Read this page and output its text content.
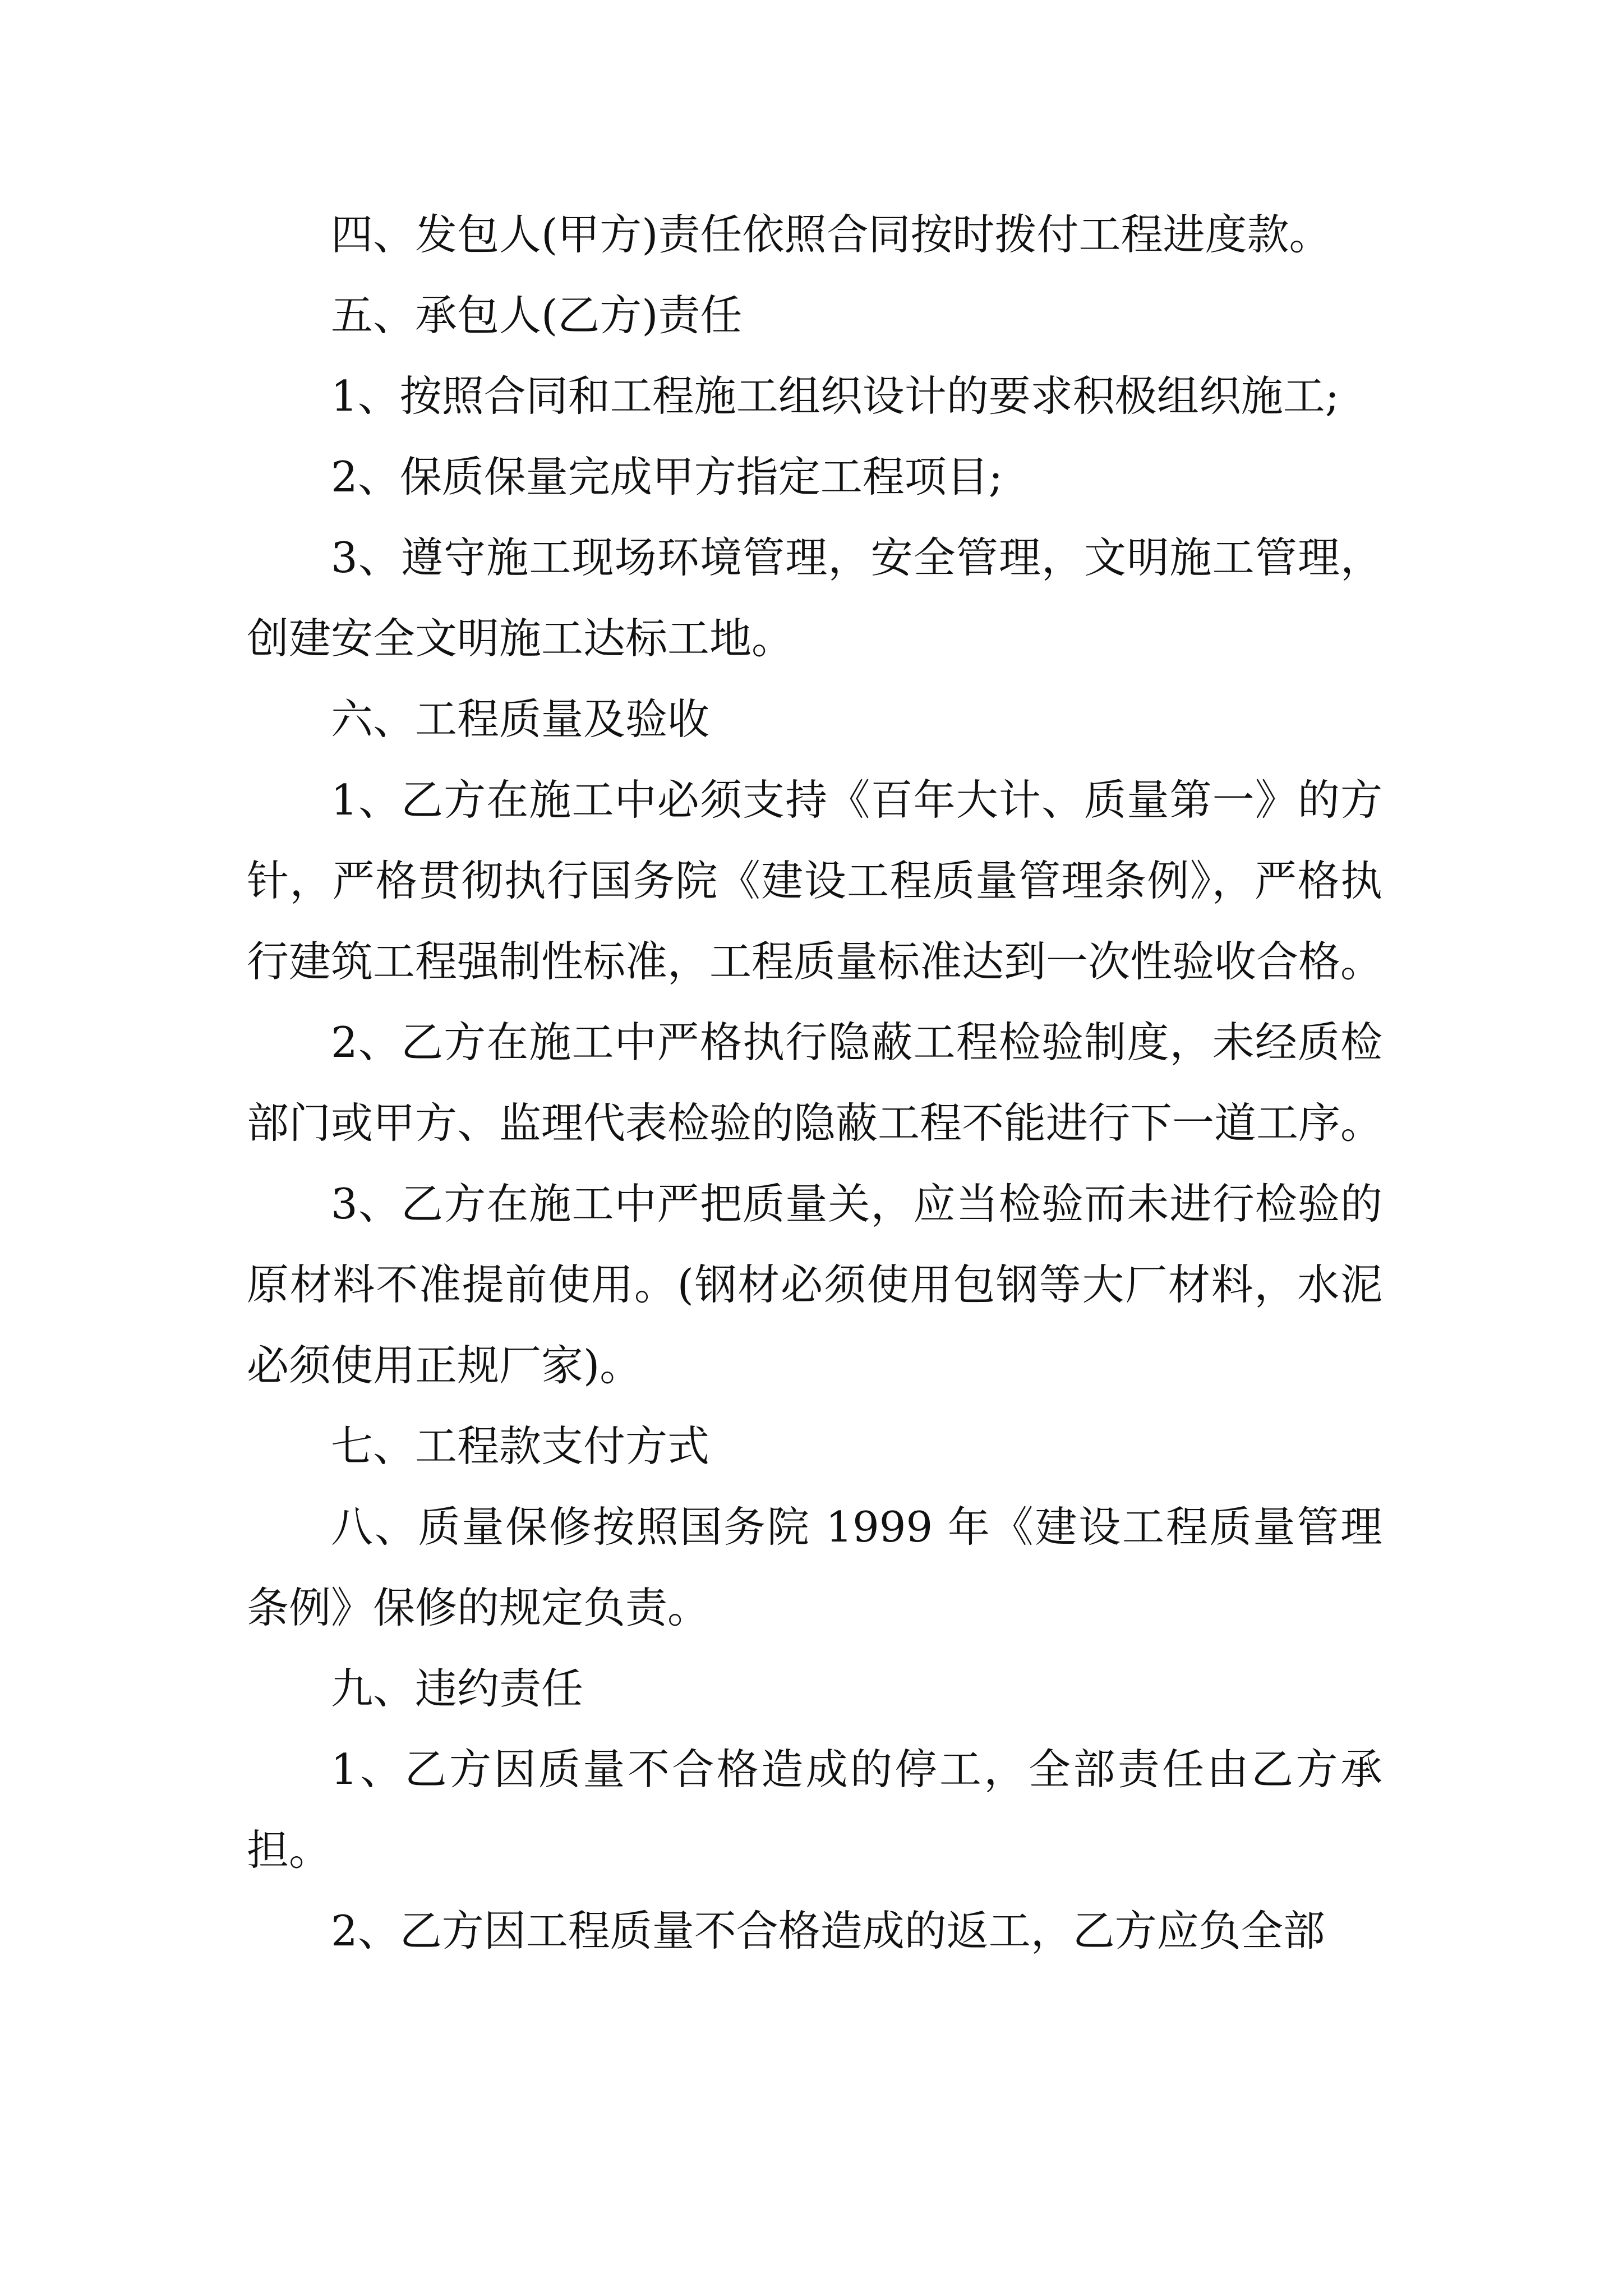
四、发包人(甲方)责任依照合同按时拨付工程进度款。

五、承包人(乙方)责任

1、按照合同和工程施工组织设计的要求积极组织施工;

2、保质保量完成甲方指定工程项目;

3、遵守施工现场环境管理，安全管理，文明施工管理，创建安全文明施工达标工地。

六、工程质量及验收

1、乙方在施工中必须支持《百年大计、质量第一》的方针，严格贯彻执行国务院《建设工程质量管理条例》，严格执行建筑工程强制性标准，工程质量标准达到一次性验收合格。

2、乙方在施工中严格执行隐蔽工程检验制度，未经质检部门或甲方、监理代表检验的隐蔽工程不能进行下一道工序。

3、乙方在施工中严把质量关，应当检验而未进行检验的原材料不准提前使用。(钢材必须使用包钢等大厂材料，水泥必须使用正规厂家)。

七、工程款支付方式

八、质量保修按照国务院 1999 年《建设工程质量管理条例》保修的规定负责。

九、违约责任

1、乙方因质量不合格造成的停工，全部责任由乙方承担。

2、乙方因工程质量不合格造成的返工，乙方应负全部
